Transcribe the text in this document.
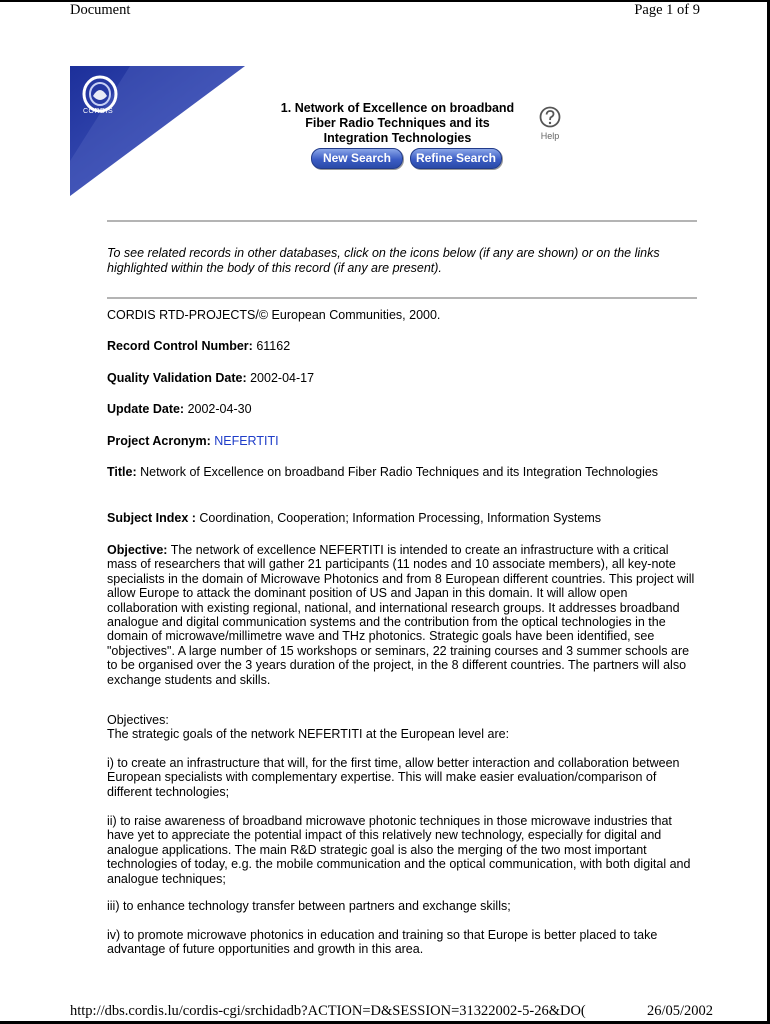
Document	Page 1 of 9
CORDIS	1. Network of Excellence on broadband
Fiber Radio Techniques and its
Integration Technologies	Help
New Search	Refine Search
To see related records in other databases, click on the icons below (if any are shown) or on the links highlighted within the body of this record (if any are present).
CORDIS RTD-PROJECTS/© European Communities, 2000.
Record Control Number: 61162
Quality Validation Date: 2002-04-17
Update Date: 2002-04-30
Project Acronym: NEFERTITI
Title: Network of Excellence on broadband Fiber Radio Techniques and its Integration Technologies
Subject Index : Coordination, Cooperation; Information Processing, Information Systems
Objective: The network of excellence NEFERTITI is intended to create an infrastructure with a critical mass of researchers that will gather 21 participants (11 nodes and 10 associate members), all key-note specialists in the domain of Microwave Photonics and from 8 European different countries. This project will allow Europe to attack the dominant position of US and Japan in this domain. It will allow open collaboration with existing regional, national, and international research groups. It addresses broadband analogue and digital communication systems and the contribution from the optical technologies in the domain of microwave/millimetre wave and THz photonics. Strategic goals have been identified, see "objectives". A large number of 15 workshops or seminars, 22 training courses and 3 summer schools are to be organised over the 3 years duration of the project, in the 8 different countries. The partners will also exchange students and skills.
Objectives:
The strategic goals of the network NEFERTITI at the European level are:
i) to create an infrastructure that will, for the first time, allow better interaction and collaboration between European specialists with complementary expertise. This will make easier evaluation/comparison of different technologies;
ii) to raise awareness of broadband microwave photonic techniques in those microwave industries that have yet to appreciate the potential impact of this relatively new technology, especially for digital and analogue applications. The main R&D strategic goal is also the merging of the two most important technologies of today, e.g. the mobile communication and the optical communication, with both digital and analogue techniques;
iii) to enhance technology transfer between partners and exchange skills;
iv) to promote microwave photonics in education and training so that Europe is better placed to take advantage of future opportunities and growth in this area.
http://dbs.cordis.lu/cordis-cgi/srchidadb?ACTION=D&SESSION=31322002-5-26&DO(	26/05/2002
